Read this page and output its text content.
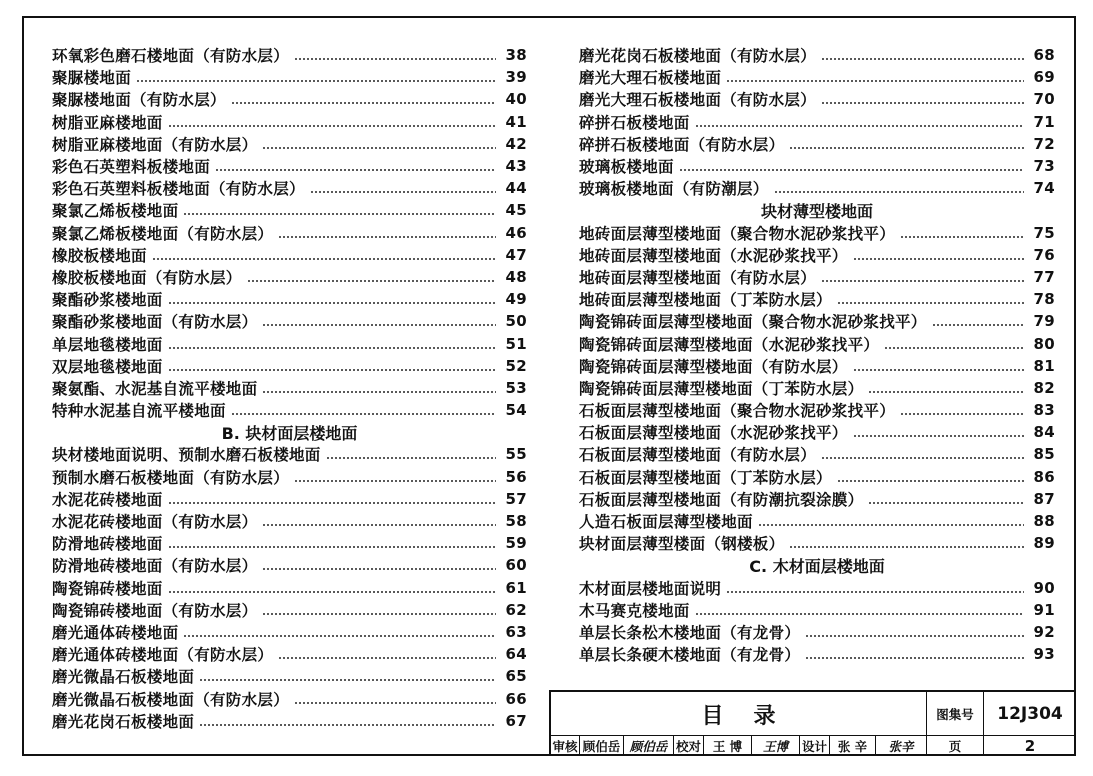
环氧彩色磨石楼地面（有防水层）	38
聚脲楼地面	39
聚脲楼地面（有防水层）	40
树脂亚麻楼地面	41
树脂亚麻楼地面（有防水层）	42
彩色石英塑料板楼地面	43
彩色石英塑料板楼地面（有防水层）	44
聚氯乙烯板楼地面	45
聚氯乙烯板楼地面（有防水层）	46
橡胶板楼地面	47
橡胶板楼地面（有防水层）	48
聚酯砂浆楼地面	49
聚酯砂浆楼地面（有防水层）	50
单层地毯楼地面	51
双层地毯楼地面	52
聚氨酯、水泥基自流平楼地面	53
特种水泥基自流平楼地面	54
B. 块材面层楼地面
块材楼地面说明、预制水磨石板楼地面	55
预制水磨石板楼地面（有防水层）	56
水泥花砖楼地面	57
水泥花砖楼地面（有防水层）	58
防滑地砖楼地面	59
防滑地砖楼地面（有防水层）	60
陶瓷锦砖楼地面	61
陶瓷锦砖楼地面（有防水层）	62
磨光通体砖楼地面	63
磨光通体砖楼地面（有防水层）	64
磨光微晶石板楼地面	65
磨光微晶石板楼地面（有防水层）	66
磨光花岗石板楼地面	67
磨光花岗石板楼地面（有防水层）	68
磨光大理石板楼地面	69
磨光大理石板楼地面（有防水层）	70
碎拼石板楼地面	71
碎拼石板楼地面（有防水层）	72
玻璃板楼地面	73
玻璃板楼地面（有防潮层）	74
块材薄型楼地面
地砖面层薄型楼地面（聚合物水泥砂浆找平）	75
地砖面层薄型楼地面（水泥砂浆找平）	76
地砖面层薄型楼地面（有防水层）	77
地砖面层薄型楼地面（丁苯防水层）	78
陶瓷锦砖面层薄型楼地面（聚合物水泥砂浆找平）	79
陶瓷锦砖面层薄型楼地面（水泥砂浆找平）	80
陶瓷锦砖面层薄型楼地面（有防水层）	81
陶瓷锦砖面层薄型楼地面（丁苯防水层）	82
石板面层薄型楼地面（聚合物水泥砂浆找平）	83
石板面层薄型楼地面（水泥砂浆找平）	84
石板面层薄型楼地面（有防水层）	85
石板面层薄型楼地面（丁苯防水层）	86
石板面层薄型楼地面（有防潮抗裂涂膜）	87
人造石板面层薄型楼地面	88
块材面层薄型楼面（钢楼板）	89
C. 木材面层楼地面
木材面层楼地面说明	90
木马赛克楼地面	91
单层长条松木楼地面（有龙骨）	92
单层长条硬木楼地面（有龙骨）	93
目录	图集号	12J304
审核 顾伯岳 顾伯岳 校对 王 博	王博	设计 张 辛	张辛	页	2
